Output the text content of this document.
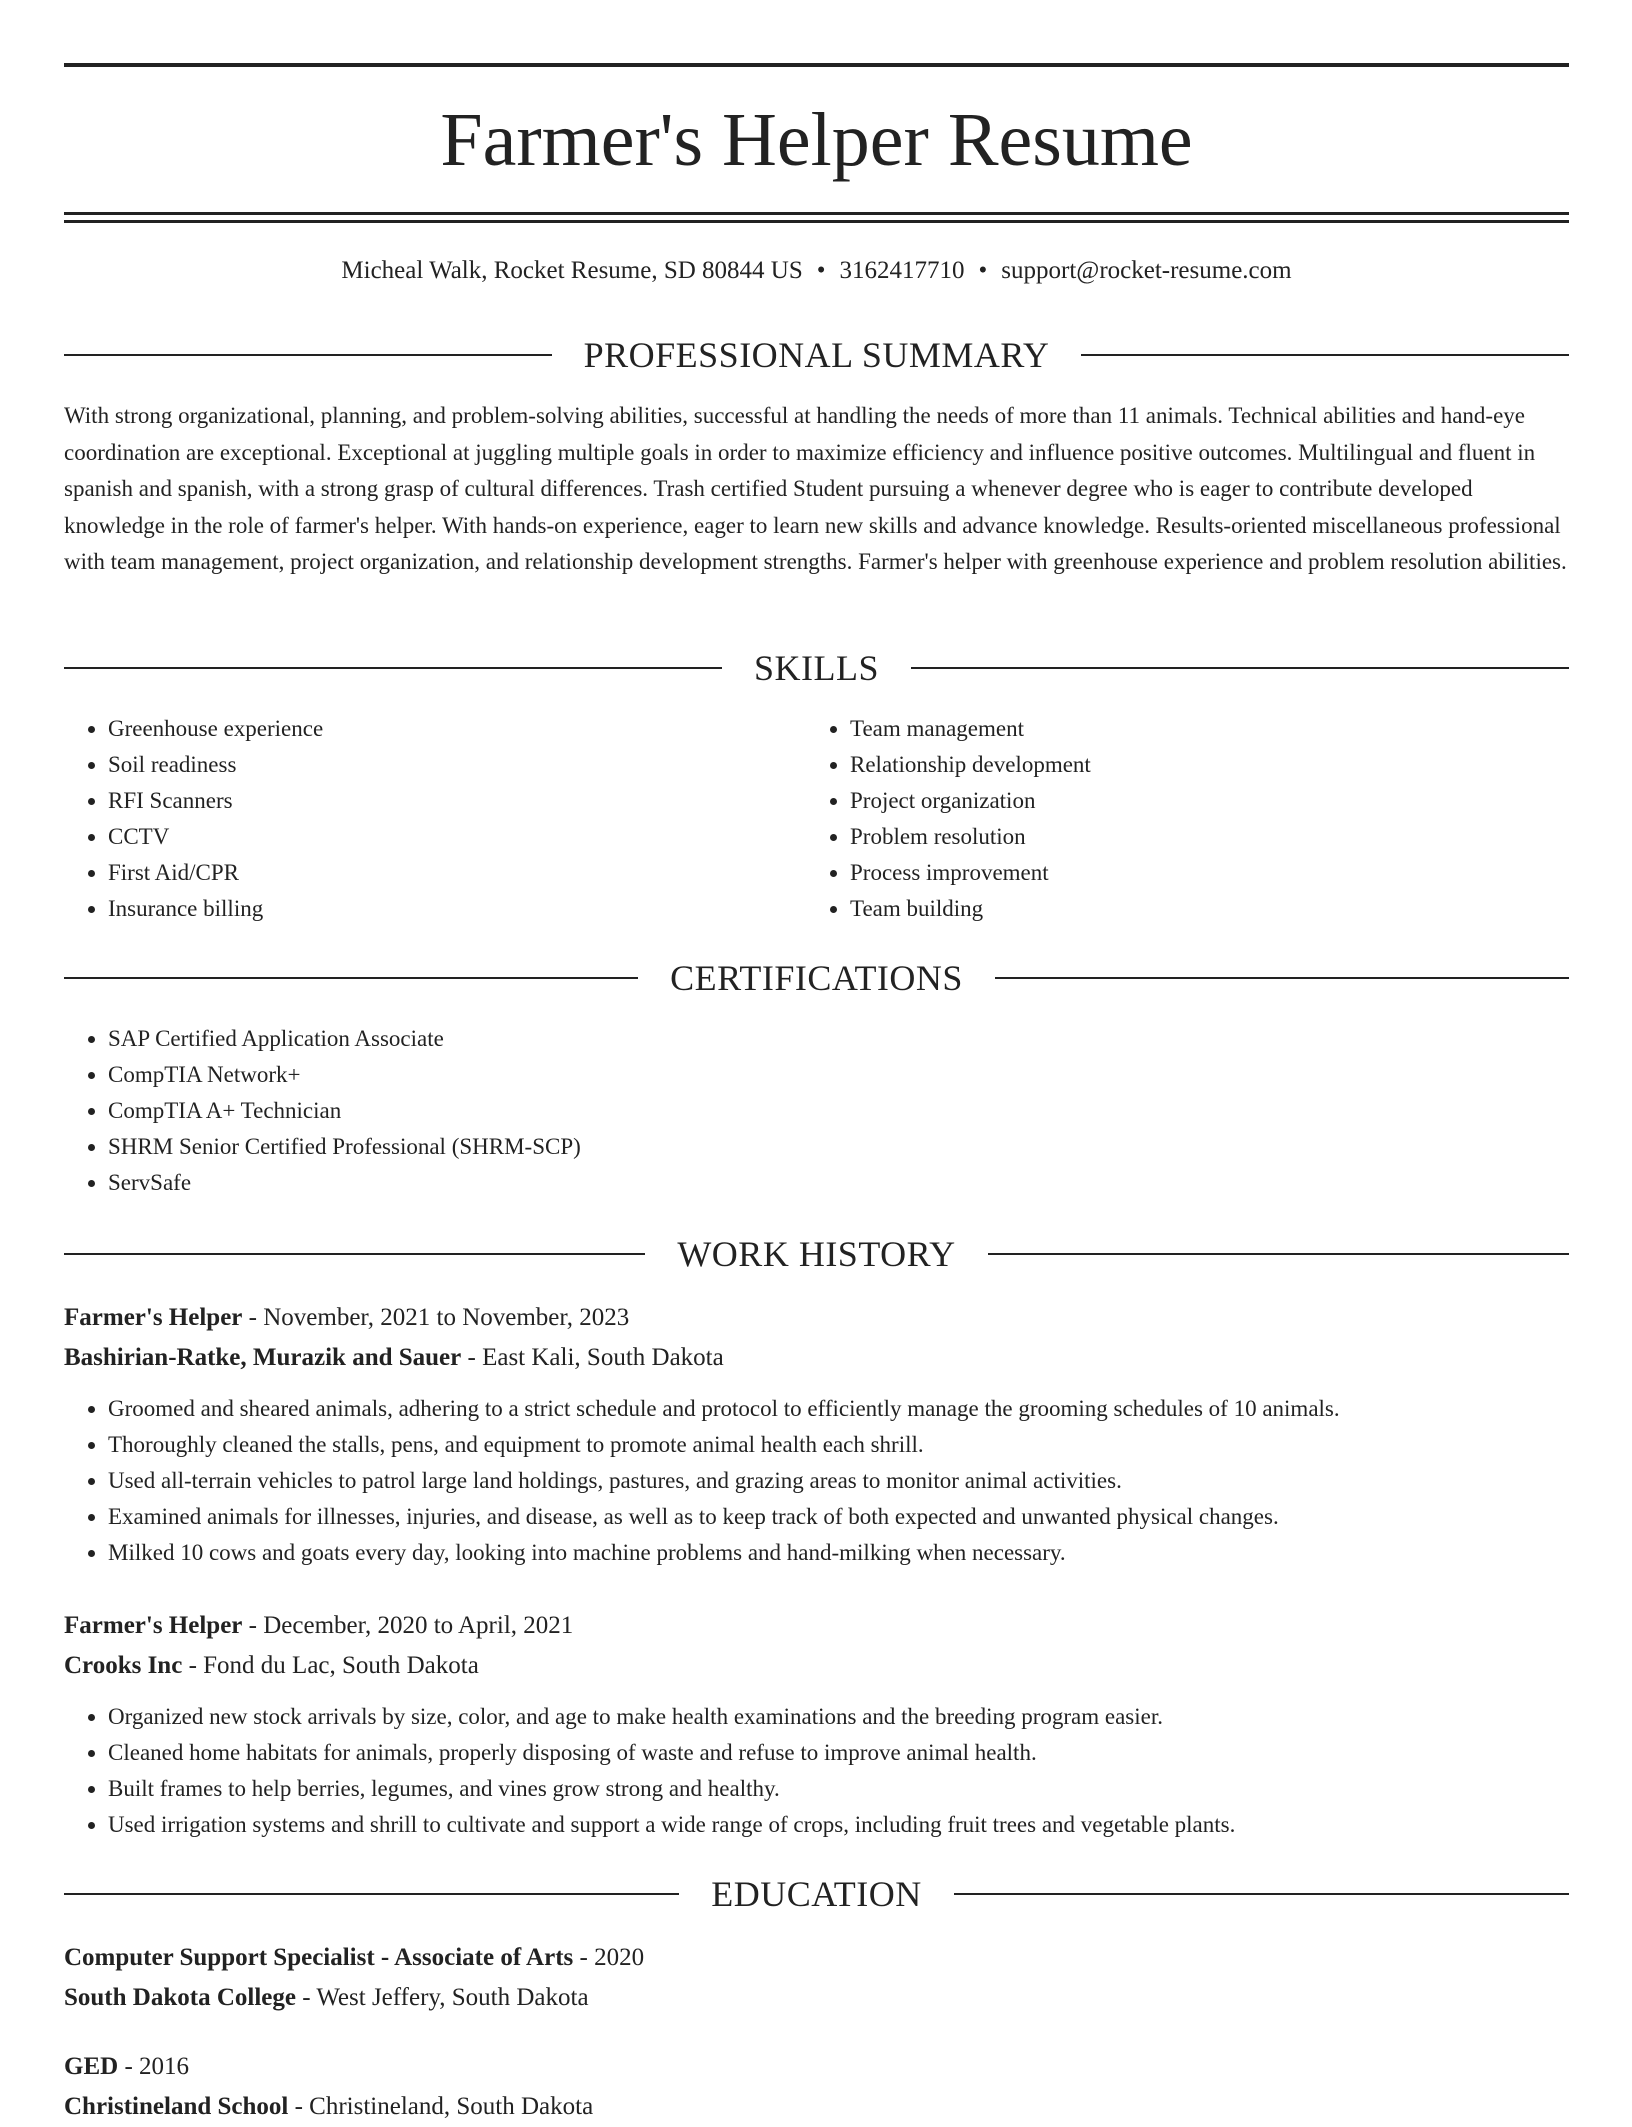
Farmer's Helper Resume
Micheal Walk, Rocket Resume, SD 80844 US • 3162417710 • support@rocket-resume.com
PROFESSIONAL SUMMARY
With strong organizational, planning, and problem-solving abilities, successful at handling the needs of more than 11 animals. Technical abilities and hand-eye coordination are exceptional. Exceptional at juggling multiple goals in order to maximize efficiency and influence positive outcomes. Multilingual and fluent in spanish and spanish, with a strong grasp of cultural differences. Trash certified Student pursuing a whenever degree who is eager to contribute developed knowledge in the role of farmer's helper. With hands-on experience, eager to learn new skills and advance knowledge. Results-oriented miscellaneous professional with team management, project organization, and relationship development strengths. Farmer's helper with greenhouse experience and problem resolution abilities.
SKILLS
• Greenhouse experience
• Soil readiness
• RFI Scanners
• CCTV
• First Aid/CPR
• Insurance billing
• Team management
• Relationship development
• Project organization
• Problem resolution
• Process improvement
• Team building
CERTIFICATIONS
• SAP Certified Application Associate
• CompTIA Network+
• CompTIA A+ Technician
• SHRM Senior Certified Professional (SHRM-SCP)
• ServSafe
WORK HISTORY
Farmer's Helper - November, 2021 to November, 2023
Bashirian-Ratke, Murazik and Sauer - East Kali, South Dakota
• Groomed and sheared animals, adhering to a strict schedule and protocol to efficiently manage the grooming schedules of 10 animals.
• Thoroughly cleaned the stalls, pens, and equipment to promote animal health each shrill.
• Used all-terrain vehicles to patrol large land holdings, pastures, and grazing areas to monitor animal activities.
• Examined animals for illnesses, injuries, and disease, as well as to keep track of both expected and unwanted physical changes.
• Milked 10 cows and goats every day, looking into machine problems and hand-milking when necessary.
Farmer's Helper - December, 2020 to April, 2021
Crooks Inc - Fond du Lac, South Dakota
• Organized new stock arrivals by size, color, and age to make health examinations and the breeding program easier.
• Cleaned home habitats for animals, properly disposing of waste and refuse to improve animal health.
• Built frames to help berries, legumes, and vines grow strong and healthy.
• Used irrigation systems and shrill to cultivate and support a wide range of crops, including fruit trees and vegetable plants.
EDUCATION
Computer Support Specialist - Associate of Arts - 2020
South Dakota College - West Jeffery, South Dakota
GED - 2016
Christineland School - Christineland, South Dakota
